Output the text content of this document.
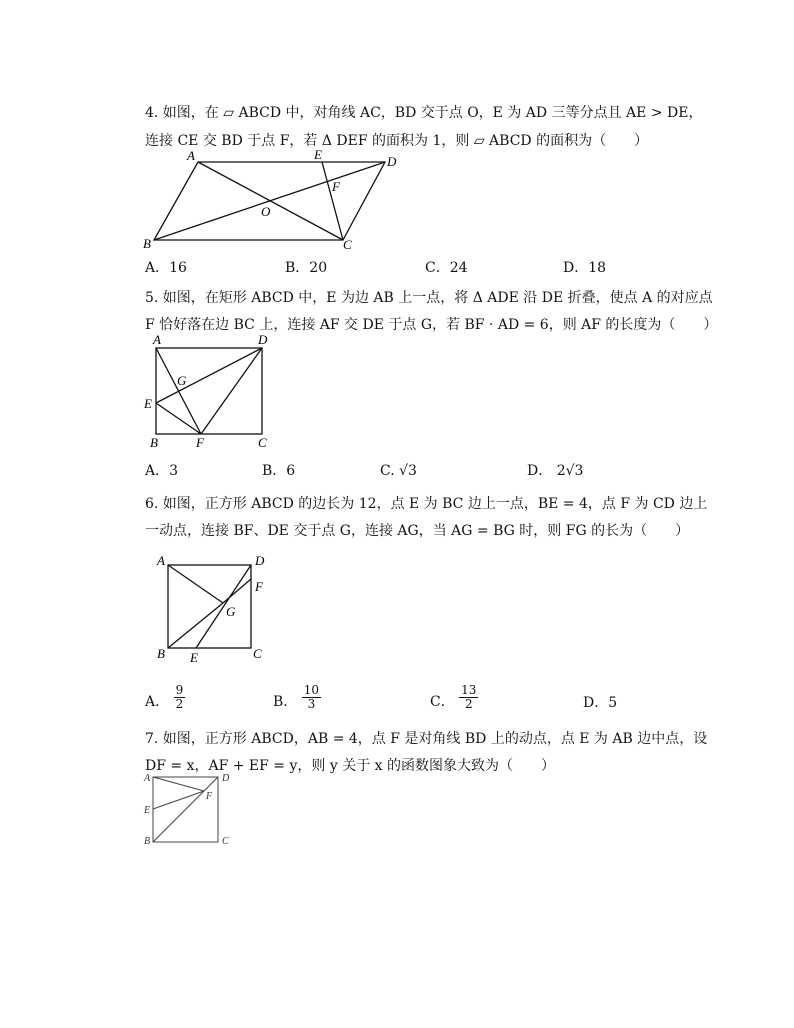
4. 如图，在 ▱ ABCD 中，对角线 AC，BD 交于点 O，E 为 AD 三等分点且 AE > DE，
连接 CE 交 BD 于点 F，若 Δ DEF 的面积为 1，则 ▱ ABCD 的面积为（　　）
A	E	D
F
O
B	C
A．16	B．20	C．24	D．18
5. 如图，在矩形 ABCD 中，E 为边 AB 上一点，将 Δ ADE 沿 DE 折叠，使点 A 的对应点
F 恰好落在边 BC 上，连接 AF 交 DE 于点 G，若 BF · AD = 6，则 AF 的长度为（　　）
A	D
G
E
B	F	C
A．3	B．6	C. √3	D． 2√3
6. 如图，正方形 ABCD 的边长为 12，点 E 为 BC 边上一点，BE = 4，点 F 为 CD 边上
一动点，连接 BF、DE 交于点 G，连接 AG，当 AG = BG 时，则 FG 的长为（　　）
A	D
F
G
B E	C
A． $\frac{9}{2}$	B． $\frac{10}{3}$	C． $\frac{13}{2}$	D．5
7. 如图，正方形 ABCD，AB = 4，点 F 是对角线 BD 上的动点，点 E 为 AB 边中点，设
DF = x，AF + EF = y，则 y 关于 x 的函数图象大致为（　　）
A	D
F
E
B	C
